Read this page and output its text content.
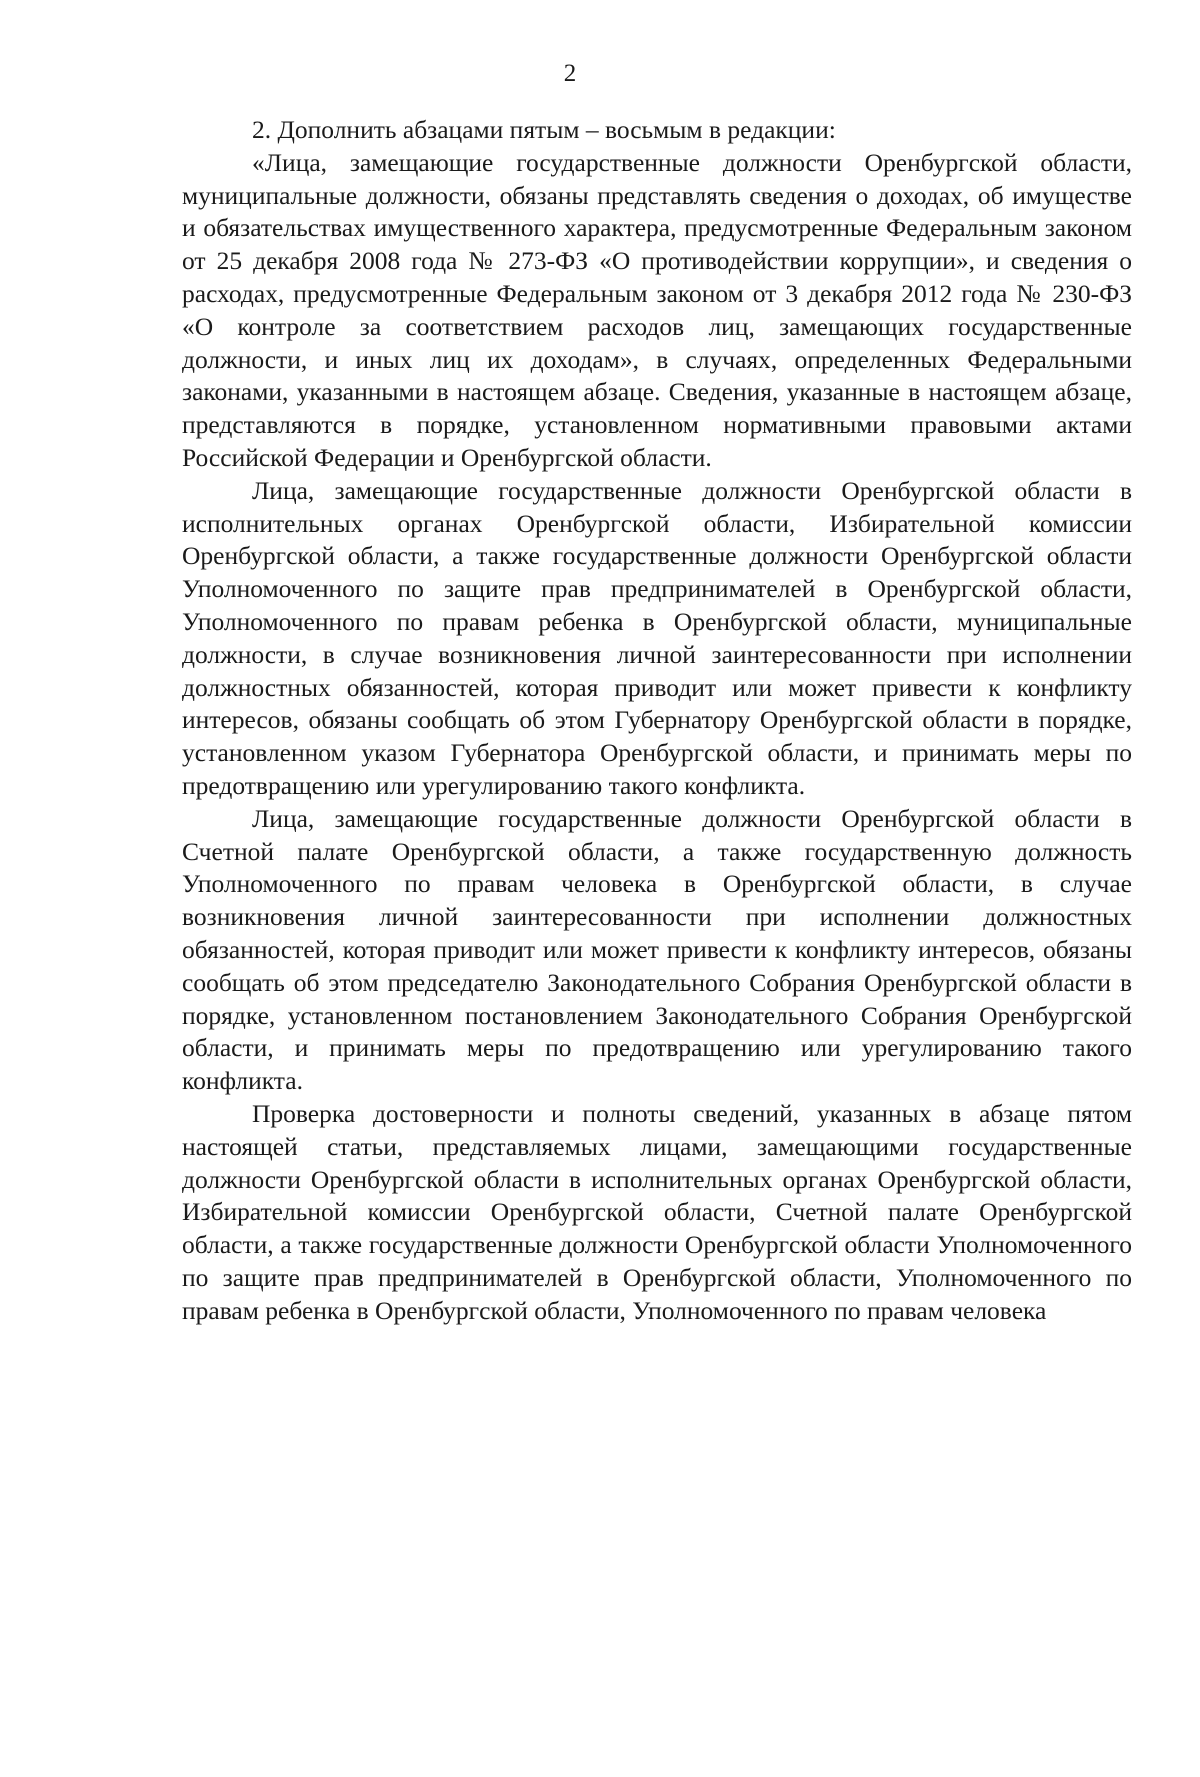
2

2. Дополнить абзацами пятым – восьмым в редакции:

«Лица, замещающие государственные должности Оренбургской области, муниципальные должности, обязаны представлять сведения о доходах, об имуществе и обязательствах имущественного характера, предусмотренные Федеральным законом от 25 декабря 2008 года № 273-ФЗ «О противодействии коррупции», и сведения о расходах, предусмотренные Федеральным законом от 3 декабря 2012 года № 230-ФЗ «О контроле за соответствием расходов лиц, замещающих государственные должности, и иных лиц их доходам», в случаях, определенных Федеральными законами, указанными в настоящем абзаце. Сведения, указанные в настоящем абзаце, представляются в порядке, установленном нормативными правовыми актами Российской Федерации и Оренбургской области.

Лица, замещающие государственные должности Оренбургской области в исполнительных органах Оренбургской области, Избирательной комиссии Оренбургской области, а также государственные должности Оренбургской области Уполномоченного по защите прав предпринимателей в Оренбургской области, Уполномоченного по правам ребенка в Оренбургской области, муниципальные должности, в случае возникновения личной заинтересованности при исполнении должностных обязанностей, которая приводит или может привести к конфликту интересов, обязаны сообщать об этом Губернатору Оренбургской области в порядке, установленном указом Губернатора Оренбургской области, и принимать меры по предотвращению или урегулированию такого конфликта.

Лица, замещающие государственные должности Оренбургской области в Счетной палате Оренбургской области, а также государственную должность Уполномоченного по правам человека в Оренбургской области, в случае возникновения личной заинтересованности при исполнении должностных обязанностей, которая приводит или может привести к конфликту интересов, обязаны сообщать об этом председателю Законодательного Собрания Оренбургской области в порядке, установленном постановлением Законодательного Собрания Оренбургской области, и принимать меры по предотвращению или урегулированию такого конфликта.

Проверка достоверности и полноты сведений, указанных в абзаце пятом настоящей статьи, представляемых лицами, замещающими государственные должности Оренбургской области в исполнительных органах Оренбургской области, Избирательной комиссии Оренбургской области, Счетной палате Оренбургской области, а также государственные должности Оренбургской области Уполномоченного по защите прав предпринимателей в Оренбургской области, Уполномоченного по правам ребенка в Оренбургской области, Уполномоченного по правам человека
